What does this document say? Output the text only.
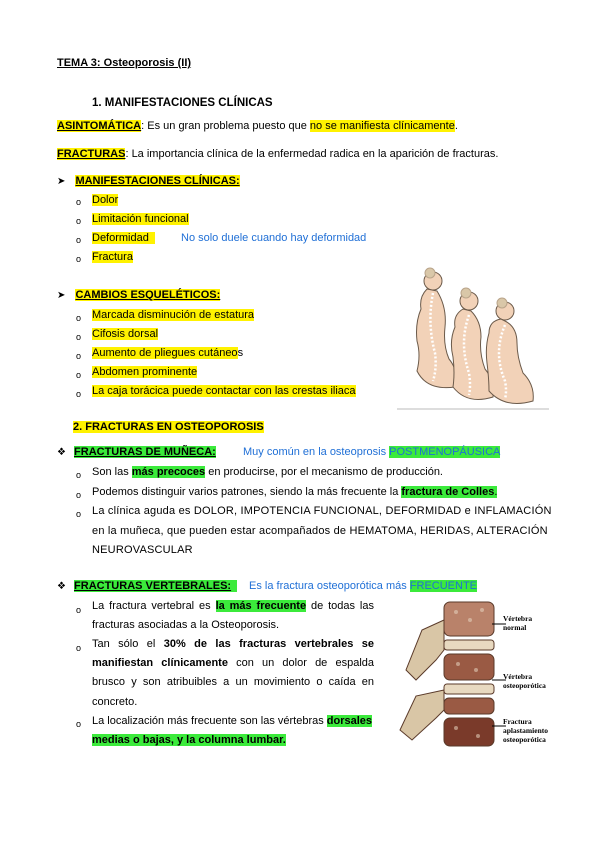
TEMA 3: Osteoporosis (II)
1. MANIFESTACIONES CLÍNICAS
ASINTOMÁTICA: Es un gran problema puesto que no se manifiesta clínicamente.
FRACTURAS: La importancia clínica de la enfermedad radica en la aparición de fracturas.
➤ MANIFESTACIONES CLÍNICAS:
o Dolor
o Limitación funcional
o Deformidad	No solo duele cuando hay deformidad
o Fractura
➤ CAMBIOS ESQUELÉTICOS:
o Marcada disminución de estatura
o Cifosis dorsal
o Aumento de pliegues cutáneos
o Abdomen prominente
o La caja torácica puede contactar con las crestas iliaca
2. FRACTURAS EN OSTEOPOROSIS
❖ FRACTURAS DE MUÑECA: Muy común en la osteoprosis POSTMENOPÁUSICA
o Son las más precoces en producirse, por el mecanismo de producción.
o Podemos distinguir varios patrones, siendo la más frecuente la fractura de Colles.
o La clínica aguda es DOLOR, IMPOTENCIA FUNCIONAL, DEFORMIDAD e INFLAMACIÓN
en la muñeca, que pueden estar acompañados de HEMATOMA, HERIDAS, ALTERACIÓN
NEUROVASCULAR
❖ FRACTURAS VERTEBRALES:	Es la fractura osteoporótica más FRECUENTE
o La fractura vertebral es la más frecuente de todas las fracturas asociadas a la Osteoporosis.
o Tan sólo el 30% de las fracturas vertebrales se manifiestan clínicamente con un dolor de espalda brusco y son atribuibles a un movimiento o caída en concreto.
o La localización más frecuente son las vértebras dorsales
medias o bajas, y la columna lumbar.
Vértebra
normal
Vértebra
osteoporótica
Fractura
aplastamiento
osteoporótica
